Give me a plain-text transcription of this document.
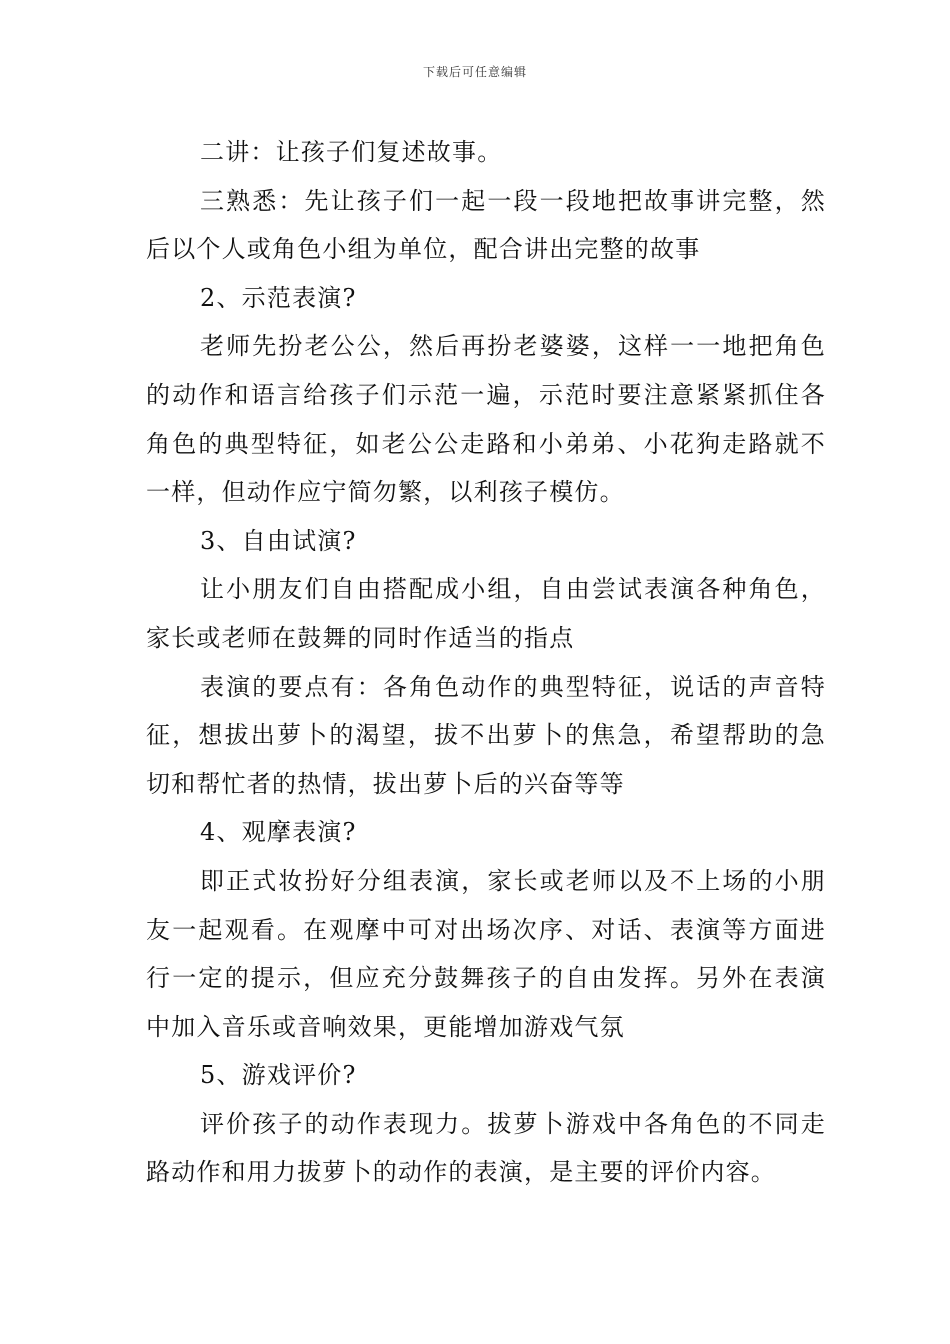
下载后可任意编辑

二讲：让孩子们复述故事。

三熟悉：先让孩子们一起一段一段地把故事讲完整，然后以个人或角色小组为单位，配合讲出完整的故事

2、示范表演?

老师先扮老公公，然后再扮老婆婆，这样一一地把角色的动作和语言给孩子们示范一遍，示范时要注意紧紧抓住各角色的典型特征，如老公公走路和小弟弟、小花狗走路就不一样，但动作应宁简勿繁，以利孩子模仿。

3、自由试演?

让小朋友们自由搭配成小组，自由尝试表演各种角色，家长或老师在鼓舞的同时作适当的指点

表演的要点有：各角色动作的典型特征，说话的声音特征，想拔出萝卜的渴望，拔不出萝卜的焦急，希望帮助的急切和帮忙者的热情，拔出萝卜后的兴奋等等

4、观摩表演?

即正式妆扮好分组表演，家长或老师以及不上场的小朋友一起观看。在观摩中可对出场次序、对话、表演等方面进行一定的提示，但应充分鼓舞孩子的自由发挥。另外在表演中加入音乐或音响效果，更能增加游戏气氛

5、游戏评价?

评价孩子的动作表现力。拔萝卜游戏中各角色的不同走路动作和用力拔萝卜的动作的表演，是主要的评价内容。
